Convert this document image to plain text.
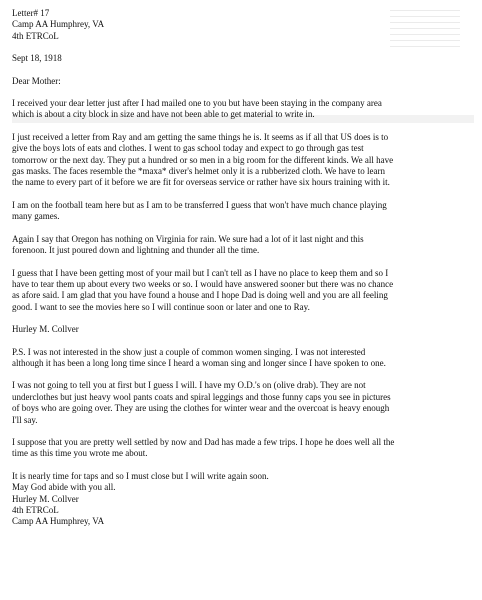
Letter# 17
Camp AA Humphrey, VA
4th ETRCoL

Sept 18, 1918

Dear Mother:

I received your dear letter just after I had mailed one to you but have been staying in the company area
which is about a city block in size and have not been able to get material to write in.

I just received a letter from Ray and am getting the same things he is. It seems as if all that US does is to
give the boys lots of eats and clothes. I went to gas school today and expect to go through gas test
tomorrow or the next day. They put a hundred or so men in a big room for the different kinds. We all have
gas masks. The faces resemble the *maxa* diver's helmet only it is a rubberized cloth. We have to learn
the name to every part of it before we are fit for overseas service or rather have six hours training with it.

I am on the football team here but as I am to be transferred I guess that won't have much chance playing
many games.

Again I say that Oregon has nothing on Virginia for rain. We sure had a lot of it last night and this
forenoon. It just poured down and lightning and thunder all the time.

I guess that I have been getting most of your mail but I can't tell as I have no place to keep them and so I
have to tear them up about every two weeks or so. I would have answered sooner but there was no chance
as afore said. I am glad that you have found a house and I hope Dad is doing well and you are all feeling
good. I want to see the movies here so I will continue soon or later and one to Ray.

Hurley M. Collver

P.S. I was not interested in the show just a couple of common women singing. I was not interested
although it has been a long long time since I heard a woman sing and longer since I have spoken to one.

I was not going to tell you at first but I guess I will. I have my O.D.'s on (olive drab). They are not
underclothes but just heavy wool pants coats and spiral leggings and those funny caps you see in pictures
of boys who are going over. They are using the clothes for winter wear and the overcoat is heavy enough
I'll say.

I suppose that you are pretty well settled by now and Dad has made a few trips. I hope he does well all the
time as this time you wrote me about.

It is nearly time for taps and so I must close but I will write again soon.
May God abide with you all.
Hurley M. Collver
4th ETRCoL
Camp AA Humphrey, VA
